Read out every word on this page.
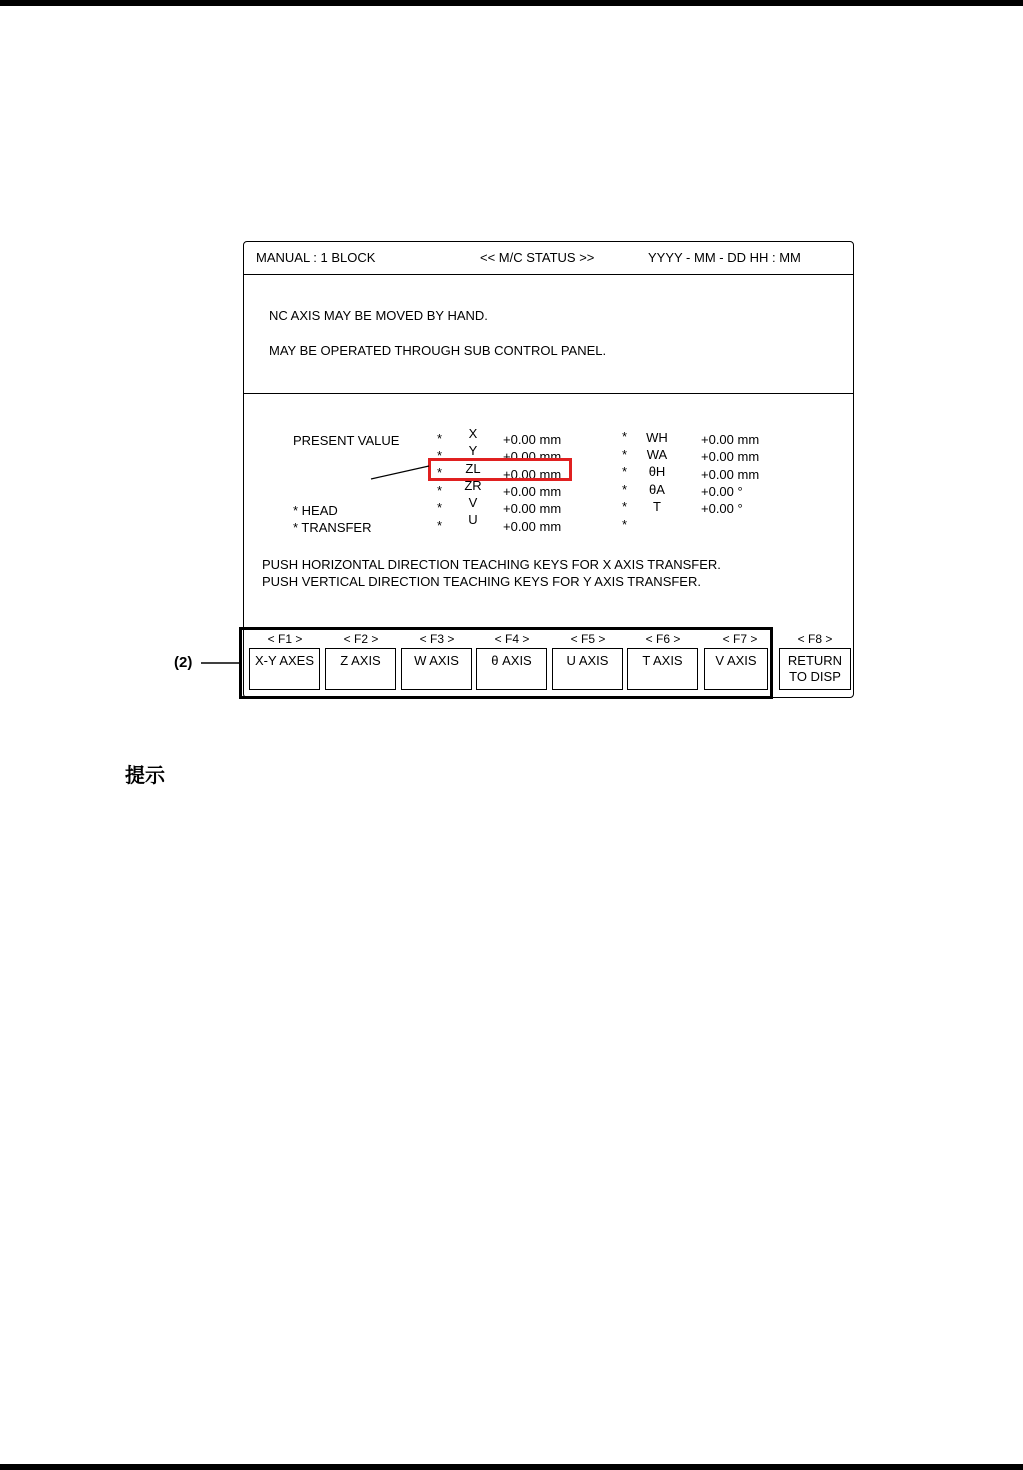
MANUAL : 1 BLOCK	<< M/C STATUS >>	YYYY - MM - DD HH : MM
NC AXIS MAY BE MOVED BY HAND.
MAY BE OPERATED THROUGH SUB CONTROL PANEL.
PRESENT VALUE
* HEAD
* TRANSFER
*	X	+0.00 mm
*	Y	+0.00 mm
*	ZL	+0.00 mm
*	ZR	+0.00 mm
*	V	+0.00 mm
*	U	+0.00 mm
*	WH	+0.00 mm
*	WA	+0.00 mm
*	θH	+0.00 mm
*	θA	+0.00 °
*	T	+0.00 °
*
PUSH HORIZONTAL DIRECTION TEACHING KEYS FOR X AXIS TRANSFER.
PUSH VERTICAL DIRECTION TEACHING KEYS FOR Y AXIS TRANSFER.
< F1 >	< F2 >	< F3 >	< F4 >	< F5 >	< F6 >	< F7 >	< F8 >
X-Y AXES	Z AXIS	W AXIS	θ AXIS	U AXIS	T AXIS	V AXIS	RETURN
TO DISP
(2)
提示
